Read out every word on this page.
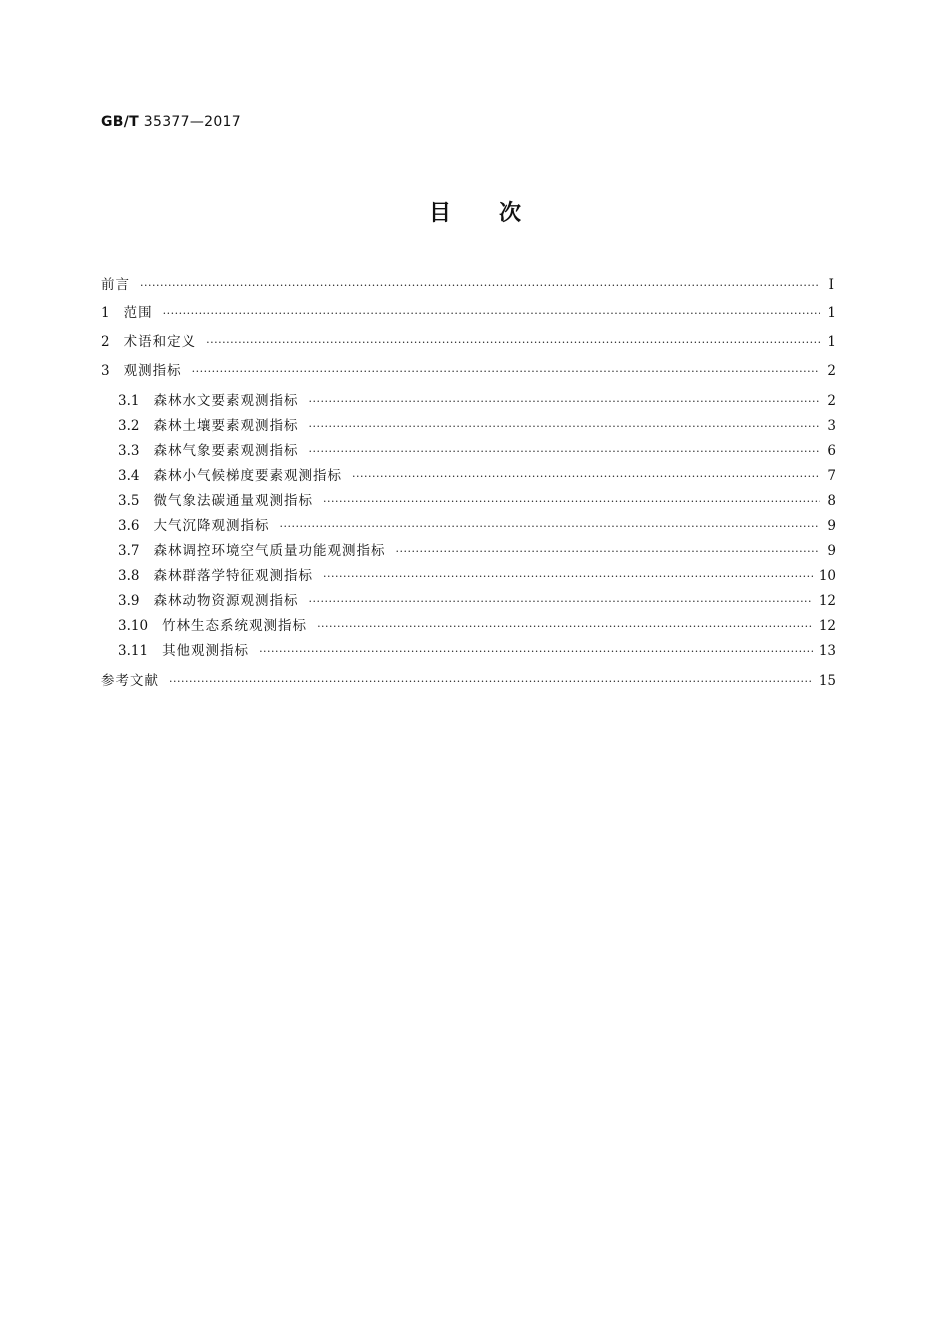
GB/T 35377—2017
目 次
前言 ·····	Ⅰ
1 范围 ·····	1
2 术语和定义 ·····	1
3 观测指标 ·····	2
3.1 森林水文要素观测指标 ·····	2
3.2 森林土壤要素观测指标 ·····	3
3.3 森林气象要素观测指标 ·····	6
3.4 森林小气候梯度要素观测指标 ·····	7
3.5 微气象法碳通量观测指标 ·····	8
3.6 大气沉降观测指标 ·····	9
3.7 森林调控环境空气质量功能观测指标 ·····	9
3.8 森林群落学特征观测指标 ·····	10
3.9 森林动物资源观测指标 ·····	12
3.10 竹林生态系统观测指标 ·····	12
3.11 其他观测指标 ·····	13
参考文献 ·····	15
